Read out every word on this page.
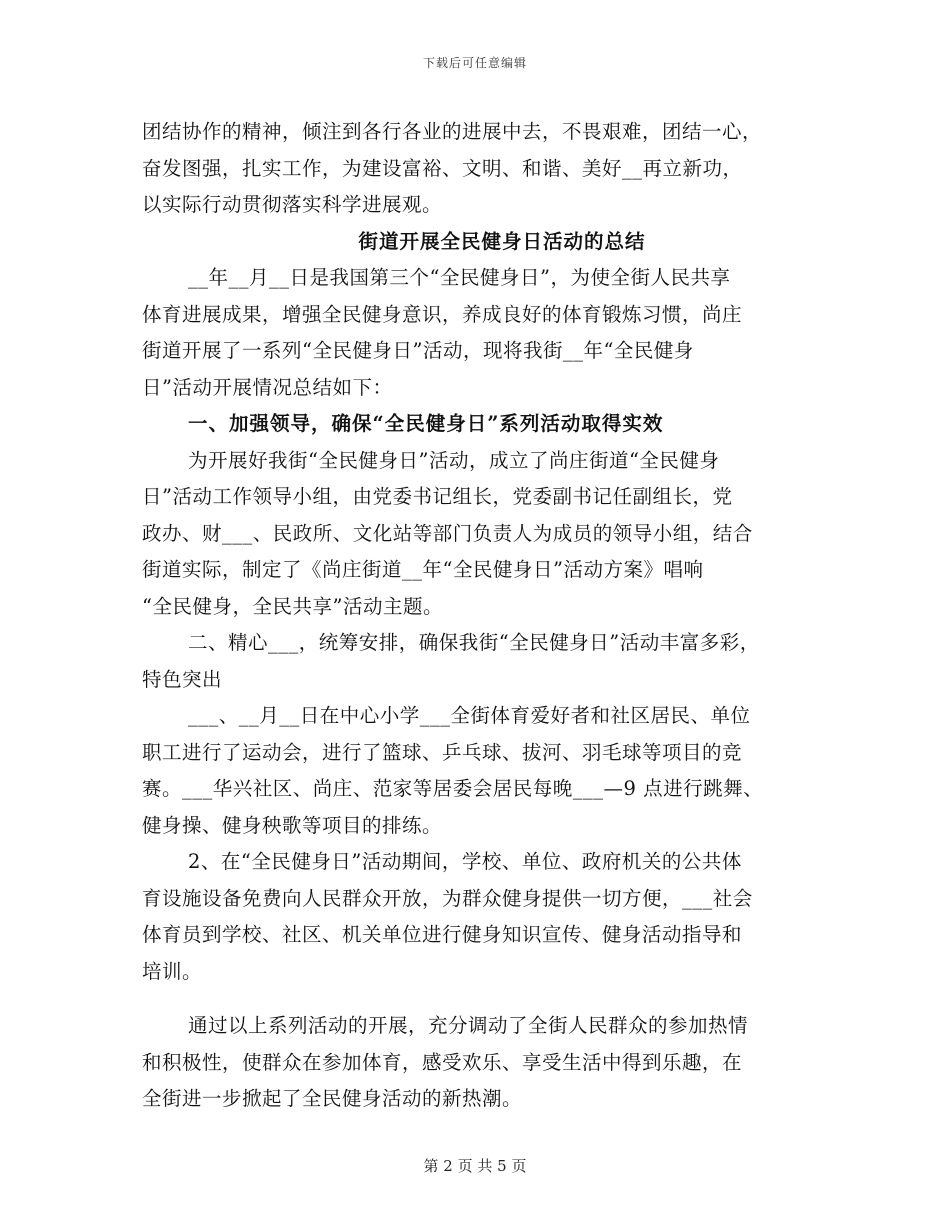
下载后可任意编辑
团结协作的精神，倾注到各行各业的进展中去，不畏艰难，团结一心，
奋发图强，扎实工作，为建设富裕、文明、和谐、美好__再立新功，
以实际行动贯彻落实科学进展观。
街道开展全民健身日活动的总结
__年__月__日是我国第三个“全民健身日”，为使全街人民共享
体育进展成果，增强全民健身意识，养成良好的体育锻炼习惯，尚庄
街道开展了一系列“全民健身日”活动，现将我街__年“全民健身
日”活动开展情况总结如下：
一、加强领导，确保“全民健身日”系列活动取得实效
为开展好我街“全民健身日”活动，成立了尚庄街道“全民健身
日”活动工作领导小组，由党委书记组长，党委副书记任副组长，党
政办、财___、民政所、文化站等部门负责人为成员的领导小组，结合
街道实际，制定了《尚庄街道__年“全民健身日”活动方案》唱响
“全民健身，全民共享”活动主题。
二、精心___，统筹安排，确保我街“全民健身日”活动丰富多彩，
特色突出
___、__月__日在中心小学___全街体育爱好者和社区居民、单位
职工进行了运动会，进行了篮球、乒乓球、拔河、羽毛球等项目的竞
赛。___华兴社区、尚庄、范家等居委会居民每晚___—9 点进行跳舞、
健身操、健身秧歌等项目的排练。
2、在“全民健身日”活动期间，学校、单位、政府机关的公共体
育设施设备免费向人民群众开放，为群众健身提供一切方便，___社会
体育员到学校、社区、机关单位进行健身知识宣传、健身活动指导和
培训。
通过以上系列活动的开展，充分调动了全街人民群众的参加热情
和积极性，使群众在参加体育，感受欢乐、享受生活中得到乐趣，在
全街进一步掀起了全民健身活动的新热潮。
第 2 页 共 5 页
